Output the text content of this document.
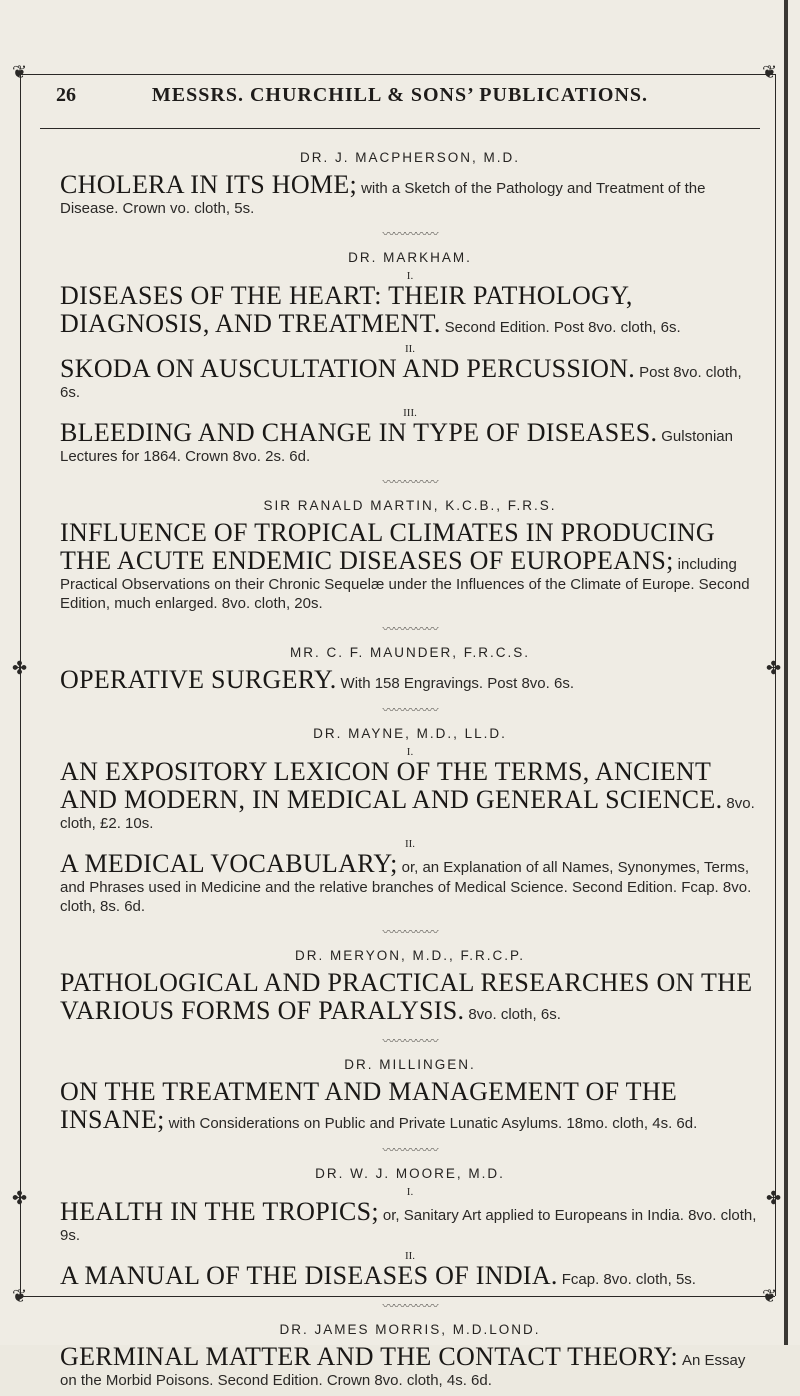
❦	❦
❦	❦
✤	✤
✤	✤
26	MESSRS. CHURCHILL & SONS’ PUBLICATIONS.
DR. J. MACPHERSON, M.D.
CHOLERA IN ITS HOME; with a Sketch of the Pathology and Treatment of the Disease. Crown vo. cloth, 5s.
〰〰〰〰〰
DR. MARKHAM.
I.
DISEASES OF THE HEART: THEIR PATHOLOGY, DIAGNOSIS, AND TREATMENT. Second Edition. Post 8vo. cloth, 6s.
II.
SKODA ON AUSCULTATION AND PERCUSSION. Post 8vo. cloth, 6s.
III.
BLEEDING AND CHANGE IN TYPE OF DISEASES. Gulstonian Lectures for 1864. Crown 8vo. 2s. 6d.
〰〰〰〰〰
SIR RANALD MARTIN, K.C.B., F.R.S.
INFLUENCE OF TROPICAL CLIMATES IN PRODUCING THE ACUTE ENDEMIC DISEASES OF EUROPEANS; including Practical Observations on their Chronic Sequelæ under the Influences of the Climate of Europe. Second Edition, much enlarged. 8vo. cloth, 20s.
〰〰〰〰〰
MR. C. F. MAUNDER, F.R.C.S.
OPERATIVE SURGERY. With 158 Engravings. Post 8vo. 6s.
〰〰〰〰〰
DR. MAYNE, M.D., LL.D.
I.
AN EXPOSITORY LEXICON OF THE TERMS, ANCIENT AND MODERN, IN MEDICAL AND GENERAL SCIENCE. 8vo. cloth, £2. 10s.
II.
A MEDICAL VOCABULARY; or, an Explanation of all Names, Synonymes, Terms, and Phrases used in Medicine and the relative branches of Medical Science. Second Edition. Fcap. 8vo. cloth, 8s. 6d.
〰〰〰〰〰
DR. MERYON, M.D., F.R.C.P.
PATHOLOGICAL AND PRACTICAL RESEARCHES ON THE VARIOUS FORMS OF PARALYSIS. 8vo. cloth, 6s.
〰〰〰〰〰
DR. MILLINGEN.
ON THE TREATMENT AND MANAGEMENT OF THE INSANE; with Considerations on Public and Private Lunatic Asylums. 18mo. cloth, 4s. 6d.
〰〰〰〰〰
DR. W. J. MOORE, M.D.
I.
HEALTH IN THE TROPICS; or, Sanitary Art applied to Europeans in India. 8vo. cloth, 9s.
II.
A MANUAL OF THE DISEASES OF INDIA. Fcap. 8vo. cloth, 5s.
〰〰〰〰〰
DR. JAMES MORRIS, M.D.LOND.
GERMINAL MATTER AND THE CONTACT THEORY: An Essay on the Morbid Poisons. Second Edition. Crown 8vo. cloth, 4s. 6d.
